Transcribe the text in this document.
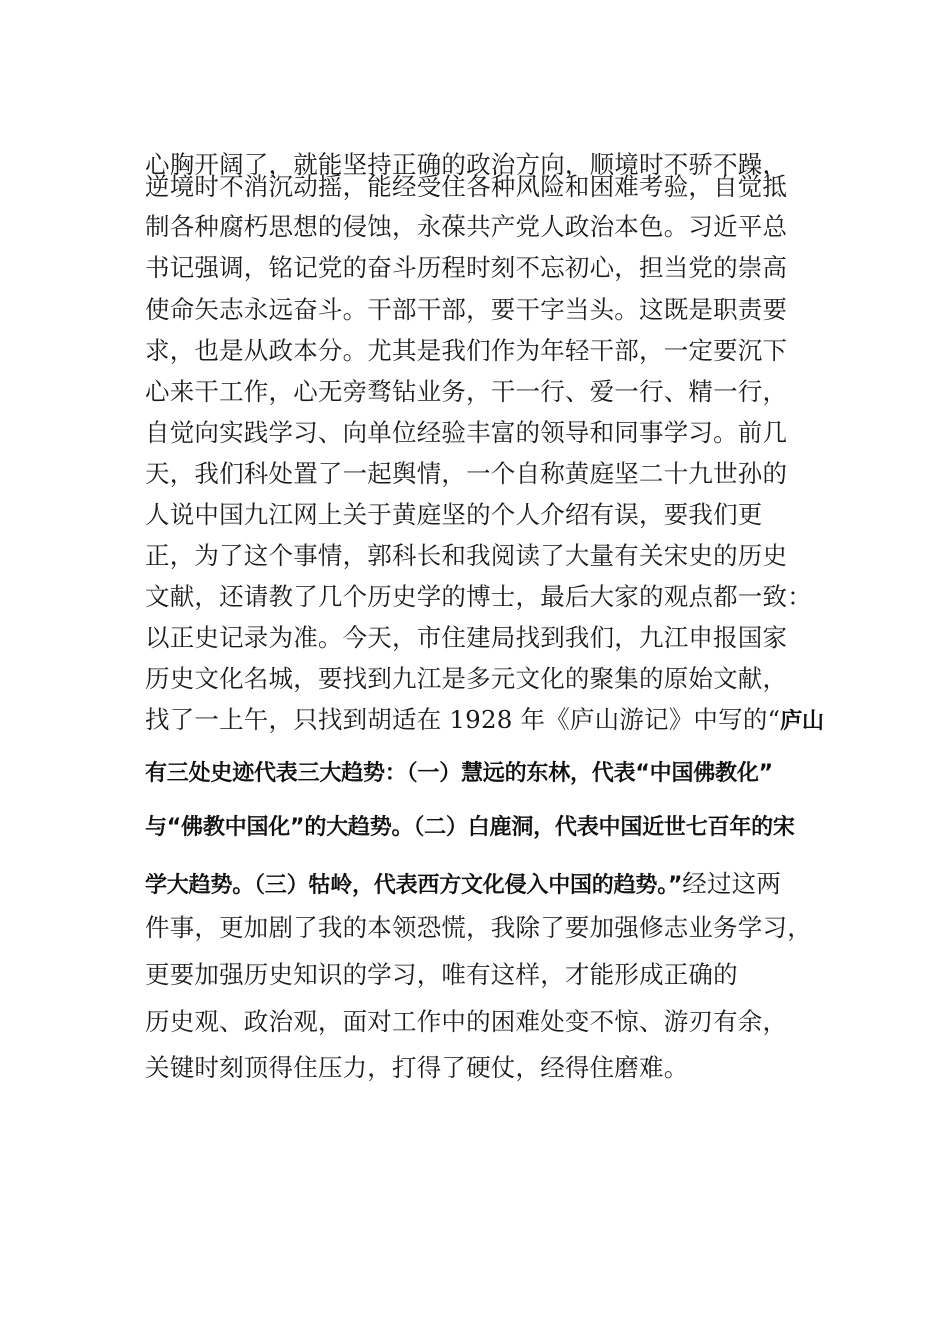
心胸开阔了，就能坚持正确的政治方向，顺境时不骄不躁，
逆境时不消沉动摇，能经受住各种风险和困难考验，自觉抵
制各种腐朽思想的侵蚀，永葆共产党人政治本色。习近平总
书记强调，铭记党的奋斗历程时刻不忘初心，担当党的崇高
使命矢志永远奋斗。干部干部，要干字当头。这既是职责要
求，也是从政本分。尤其是我们作为年轻干部，一定要沉下
心来干工作，心无旁骛钻业务，干一行、爱一行、精一行，
自觉向实践学习、向单位经验丰富的领导和同事学习。前几
天，我们科处置了一起舆情，一个自称黄庭坚二十九世孙的
人说中国九江网上关于黄庭坚的个人介绍有误，要我们更
正，为了这个事情，郭科长和我阅读了大量有关宋史的历史
文献，还请教了几个历史学的博士，最后大家的观点都一致：
以正史记录为准。今天，市住建局找到我们，九江申报国家
历史文化名城，要找到九江是多元文化的聚集的原始文献，
找了一上午，只找到胡适在 1928 年《庐山游记》中写的“庐山
有三处史迹代表三大趋势：（一）慧远的东林，代表“中国佛教化”
与“佛教中国化”的大趋势。（二）白鹿洞，代表中国近世七百年的宋
学大趋势。（三）牯岭，代表西方文化侵入中国的趋势。”经过这两
件事，更加剧了我的本领恐慌，我除了要加强修志业务学习，
更要加强历史知识的学习，唯有这样，才能形成正确的
历史观、政治观，面对工作中的困难处变不惊、游刃有余，
关键时刻顶得住压力，打得了硬仗，经得住磨难。
